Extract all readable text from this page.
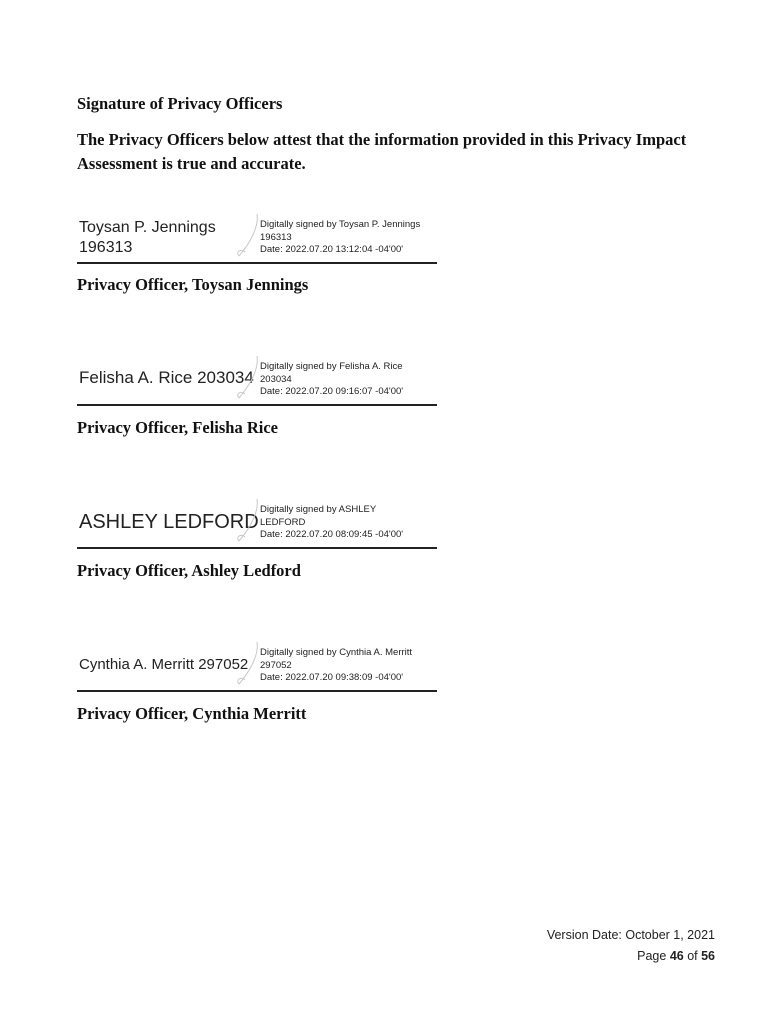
Signature of Privacy Officers
The Privacy Officers below attest that the information provided in this Privacy Impact Assessment is true and accurate.
Toysan P. Jennings
196313
Digitally signed by Toysan P. Jennings
196313
Date: 2022.07.20 13:12:04 -04'00'
Privacy Officer, Toysan Jennings
Felisha A. Rice 203034
Digitally signed by Felisha A. Rice
203034
Date: 2022.07.20 09:16:07 -04'00'
Privacy Officer, Felisha Rice
ASHLEY LEDFORD
Digitally signed by ASHLEY
LEDFORD
Date: 2022.07.20 08:09:45 -04'00'
Privacy Officer, Ashley Ledford
Cynthia A. Merritt 297052
Digitally signed by Cynthia A. Merritt
297052
Date: 2022.07.20 09:38:09 -04'00'
Privacy Officer, Cynthia Merritt
Version Date: October 1, 2021
Page 46 of 56
